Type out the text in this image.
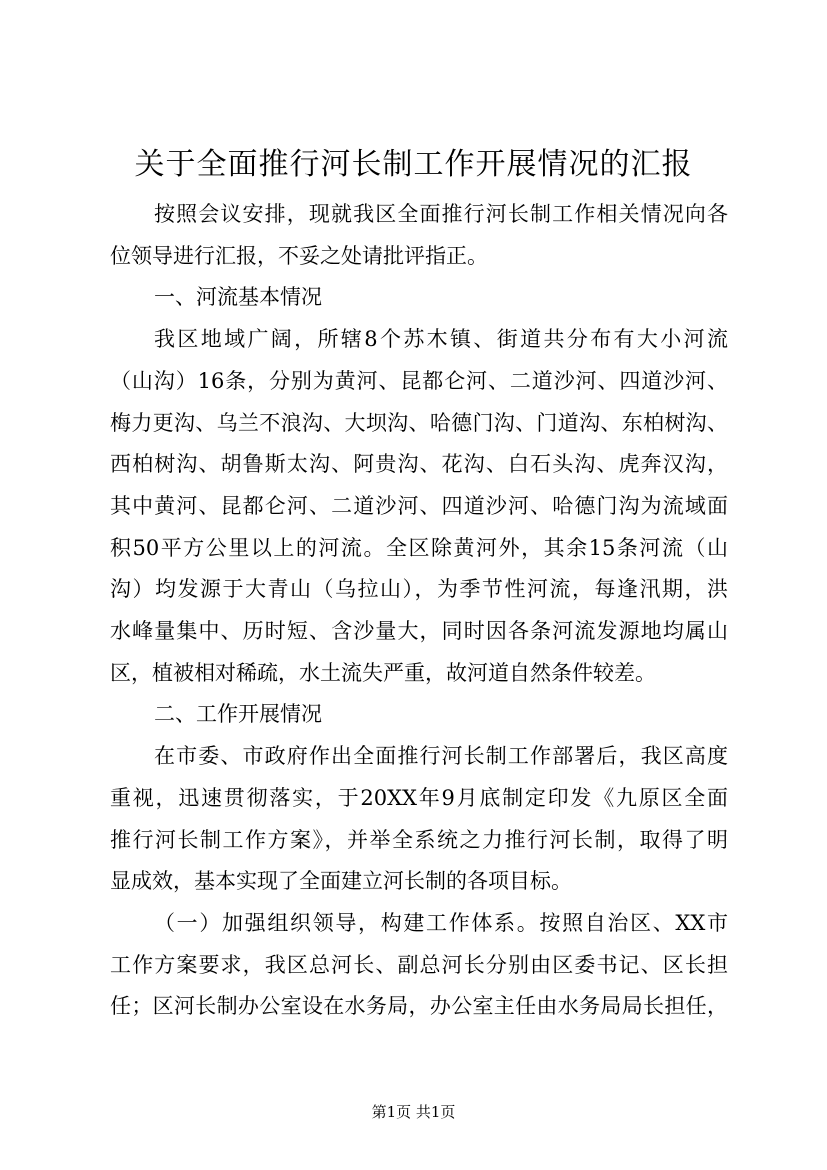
关于全面推行河长制工作开展情况的汇报
按照会议安排，现就我区全面推行河长制工作相关情况向各
位领导进行汇报，不妥之处请批评指正。
一、河流基本情况
我区地域广阔，所辖8个苏木镇、街道共分布有大小河流
（山沟）16条，分别为黄河、昆都仑河、二道沙河、四道沙河、
梅力更沟、乌兰不浪沟、大坝沟、哈德门沟、门道沟、东柏树沟、
西柏树沟、胡鲁斯太沟、阿贵沟、花沟、白石头沟、虎奔汉沟，
其中黄河、昆都仑河、二道沙河、四道沙河、哈德门沟为流域面
积50平方公里以上的河流。全区除黄河外，其余15条河流（山
沟）均发源于大青山（乌拉山），为季节性河流，每逢汛期，洪
水峰量集中、历时短、含沙量大，同时因各条河流发源地均属山
区，植被相对稀疏，水土流失严重，故河道自然条件较差。
二、工作开展情况
在市委、市政府作出全面推行河长制工作部署后，我区高度
重视，迅速贯彻落实，于20XX年9月底制定印发《九原区全面
推行河长制工作方案》，并举全系统之力推行河长制，取得了明
显成效，基本实现了全面建立河长制的各项目标。
（一）加强组织领导，构建工作体系。按照自治区、XX市
工作方案要求，我区总河长、副总河长分别由区委书记、区长担
任；区河长制办公室设在水务局，办公室主任由水务局局长担任，
第1页 共1页
